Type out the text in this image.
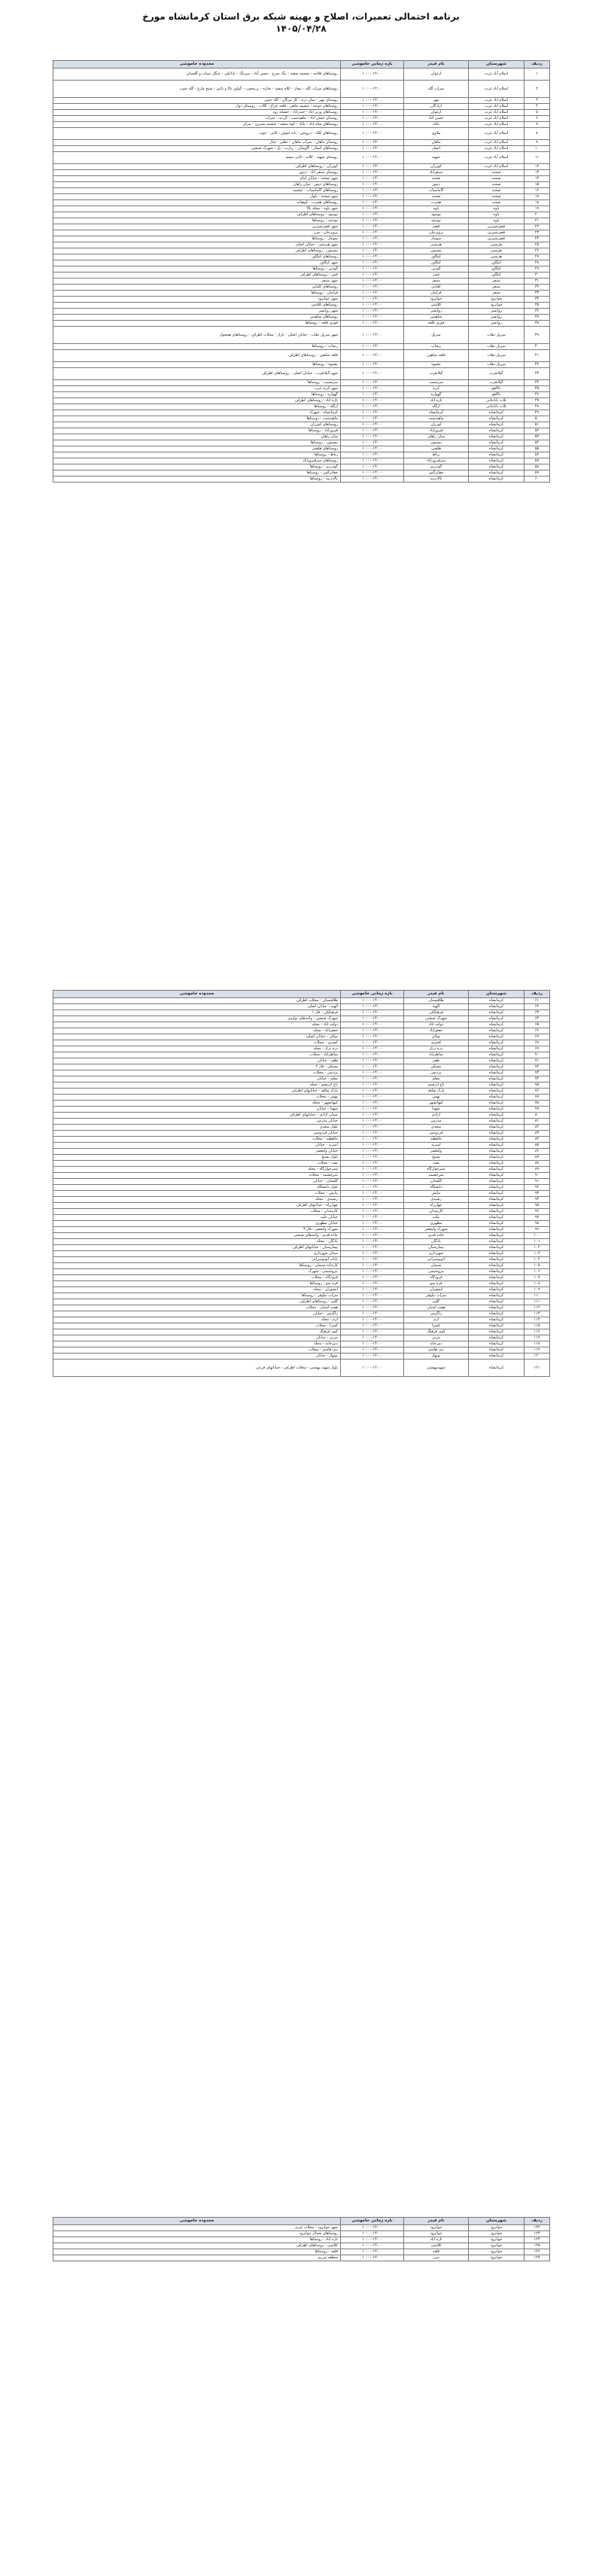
برنامه احتمالی تعمیرات، اصلاح و بهینه شبکه برق استان کرمانشاه مورخ
۱۴۰۵/۰۴/۲۸
ردیف	شهرستان	نام فیدر	بازه زمانی خاموشی	محدوده خاموشی
۱	اسلام آباد غرب	ارغوان	۱۰:۰۰-۱۴:۰۰	روستاهای قلاجه - چشمه سفید - تنگ سرخ - حسن آباد - سرتنگ - باباعلی - جنگل سیاب و گلستان
۲	اسلام آباد غرب	سراب گله	۱۰:۰۰-۱۴:۰۰	روستاهای سراب گله - بیجار - کلاه سفید - چناره - زرینجوب - گواور بالا و پائین - شیخ مارغ - گله جوب
۳	اسلام آباد غرب	مهر	۱۰:۰۰-۱۴:۰۰	روستای مهر - میان دره - کل مرگان - گله جیبی
۴	اسلام آباد غرب	آزادگان	۱۰:۰۰-۱۴:۰۰	روستاهای جوجه - چشمه ماهی - قلعه چراغ - گلاب - روستای دوار
۵	اسلام آباد غرب	ارغوان	۱۰:۰۰-۱۴:۰۰	روستاهای وزیر آباد - حیدرآباد - خشکه رود
۶	اسلام آباد غرب	حسن آباد	۱۰:۰۰-۱۴:۰۰	روستای حسن آباد - ماهیدشت - گردنه - سراب
۷	اسلام آباد غرب	بانک	۱۰:۰۰-۱۴:۰۰	روستاهای شاه آباد - بانک - کوه سفید - چشمه شیرین - مرکز
۸	اسلام آباد غرب	ملاوی	۱۰:۰۰-۱۴:۰۰	روستاهای کلک - درویش - بانه خوش - کانی - جوب
۹	اسلام آباد غرب	ماهان	۱۰:۰۰-۱۴:۰۰	روستای ماهان - سراب ماهان - دهلیز - چنار
۱۰	اسلام آباد غرب	آبشار	۱۰:۰۰-۱۴:۰۰	روستاهای آبشار - گاوشان - زیارت - پل - شهرک صنعتی
۱۱	اسلام آباد غرب	شهید	۱۰:۰۰-۱۴:۰۰	روستای شهید - کلاته - کانی سفید
۱۲	اسلام آباد غرب	کوزران	۱۰:۰۰-۱۴:۰۰	کوزران - روستاهای اطراف
۱۳	صحنه	سنقراباد	۱۰:۰۰-۱۴:۰۰	روستای سنقر آباد - دینور
۱۴	صحنه	صحنه	۱۰:۰۰-۱۴:۰۰	شهر صحنه - خیابان امام
۱۵	صحنه	دینور	۱۰:۰۰-۱۴:۰۰	روستاهای دینور - میان راهان
۱۶	صحنه	گاماسیاب	۱۰:۰۰-۱۴:۰۰	روستاهای گاماسیاب - چشمه
۱۷	صحنه	صحنه	۱۰:۰۰-۱۴:۰۰	شهر صحنه - بلوار
۱۸	صحنه	هجرت	۱۰:۰۰-۱۴:۰۰	روستاهای هجرت - کوهپایه
۱۹	پاوه	پاوه	۱۰:۰۰-۱۴:۰۰	شهر پاوه - محله بالا
۲۰	پاوه	نوسود	۱۰:۰۰-۱۴:۰۰	نوسود - روستاهای اطراف
۲۱	پاوه	نودشه	۱۰:۰۰-۱۴:۰۰	نودشه - روستاها
۲۲	قصرشیرین	قصر	۱۰:۰۰-۱۴:۰۰	شهر قصرشیرین
۲۳	قصرشیرین	پرویزخان	۱۰:۰۰-۱۴:۰۰	پرویزخان - مرز
۲۴	قصرشیرین	سومار	۱۰:۰۰-۱۴:۰۰	سومار - روستاها
۲۵	هرسین	هرسین	۱۰:۰۰-۱۴:۰۰	شهر هرسین - خیابان اصلی
۲۶	هرسین	بیستون	۱۰:۰۰-۱۴:۰۰	بیستون - روستاهای اطراف
۲۷	هرسین	کنگاور	۱۰:۰۰-۱۴:۰۰	روستاهای کنگاور
۲۸	کنگاور	کنگاور	۱۰:۰۰-۱۴:۰۰	شهر کنگاور
۲۹	کنگاور	گودین	۱۰:۰۰-۱۴:۰۰	گودین - روستاها
۳۰	کنگاور	فش	۱۰:۰۰-۱۴:۰۰	فش - روستاهای اطراف
۳۱	سنقر	سنقر	۱۰:۰۰-۱۴:۰۰	شهر سنقر
۳۲	سنقر	کلیایی	۱۰:۰۰-۱۴:۰۰	روستاهای کلیایی
۳۳	سنقر	فرامان	۱۰:۰۰-۱۴:۰۰	فرامان - روستاها
۳۴	جوانرود	جوانرود	۱۰:۰۰-۱۴:۰۰	شهر جوانرود
۳۵	جوانرود	کلاشی	۱۰:۰۰-۱۴:۰۰	روستاهای کلاشی
۳۶	روانسر	روانسر	۱۰:۰۰-۱۴:۰۰	شهر روانسر
۳۷	روانسر	شاهینی	۱۰:۰۰-۱۴:۰۰	روستاهای شاهینی
۳۸	روانسر	قوری قلعه	۱۰:۰۰-۱۴:۰۰	قوری قلعه - روستاها
۳۹	سرپل ذهاب	سرپل	۱۰:۰۰-۱۴:۰۰	شهر سرپل ذهاب - خیابان اصلی - بازار - محلات اطراف - روستاهای همجوار
۴۰	سرپل ذهاب	ریجاب	۱۰:۰۰-۱۴:۰۰	ریجاب - روستاها
۴۱	سرپل ذهاب	قلعه شاهین	۱۰:۰۰-۱۴:۰۰	قلعه شاهین - روستاهای اطراف
۴۲	سرپل ذهاب	بشیوه	۱۰:۰۰-۱۴:۰۰	بشیوه - روستاها
۴۳	گیلانغرب	گیلانغرب	۱۰:۰۰-۱۴:۰۰	شهر گیلانغرب - خیابان اصلی - روستاهای اطراف
۴۴	گیلانغرب	سرمست	۱۰:۰۰-۱۴:۰۰	سرمست - روستاها
۴۵	دالاهو	کرند	۱۰:۰۰-۱۴:۰۰	شهر کرند غرب
۴۶	دالاهو	گهواره	۱۰:۰۰-۱۴:۰۰	گهواره - روستاها
۴۷	ثلاث باباجانی	تازه آباد	۱۰:۰۰-۱۴:۰۰	تازه آباد - روستاهای اطراف
۴۸	ثلاث باباجانی	ازگله	۱۰:۰۰-۱۴:۰۰	ازگله - روستاها
۴۹	کرمانشاه	کرمانشاه	۱۰:۰۰-۱۴:۰۰	کرمانشاه - شهرک
۵۰	کرمانشاه	ماهیدشت	۱۰:۰۰-۱۴:۰۰	ماهیدشت - روستاها
۵۱	کرمانشاه	کوزران	۱۰:۰۰-۱۴:۰۰	روستاهای کوزران
۵۲	کرمانشاه	فیروزآباد	۱۰:۰۰-۱۴:۰۰	فیروزآباد - روستاها
۵۳	کرمانشاه	میان راهان	۱۰:۰۰-۱۴:۰۰	میان راهان
۵۴	کرمانشاه	بیستون	۱۰:۰۰-۱۴:۰۰	بیستون - روستاها
۵۵	کرمانشاه	هلشی	۱۰:۰۰-۱۴:۰۰	روستاهای هلشی
۵۶	کرمانشاه	رباط	۱۰:۰۰-۱۴:۰۰	رباط - روستاها
۵۷	کرمانشاه	سرفیروزآباد	۱۰:۰۰-۱۴:۰۰	روستاهای سرفیروزآباد
۵۸	کرمانشاه	گودرزی	۱۰:۰۰-۱۴:۰۰	گودرزی - روستاها
۵۹	کرمانشاه	چقانرگس	۱۰:۰۰-۱۴:۰۰	چقانرگس - روستاها
۶۰	کرمانشاه	بالادربند	۱۰:۰۰-۱۴:۰۰	بالادربند - روستاها
ردیف	شهرستان	نام فیدر	بازه زمانی خاموشی	محدوده خاموشی
۶۱	کرمانشاه	طاقبستان	۱۰:۰۰-۱۴:۰۰	طاقبستان - محلات اطراف
۶۲	کرمانشاه	الهیه	۱۰:۰۰-۱۴:۰۰	الهیه - خیابان اصلی
۶۳	کرمانشاه	فرهنگیان	۱۰:۰۰-۱۴:۰۰	فرهنگیان - فاز ۱
۶۴	کرمانشاه	شهرک صنعتی	۱۰:۰۰-۱۴:۰۰	شهرک صنعتی - واحدهای تولیدی
۶۵	کرمانشاه	دولت آباد	۱۰:۰۰-۱۴:۰۰	دولت آباد - محله
۶۶	کرمانشاه	جعفرآباد	۱۰:۰۰-۱۴:۰۰	جعفرآباد - محله
۶۷	کرمانشاه	نوکان	۱۰:۰۰-۱۴:۰۰	نوکان - خیابان اصلی
۶۸	کرمانشاه	کسری	۱۰:۰۰-۱۴:۰۰	کسری - محلات
۶۹	کرمانشاه	دره دراز	۱۰:۰۰-۱۴:۰۰	دره دراز - محله
۷۰	کرمانشاه	شاطرآباد	۱۰:۰۰-۱۴:۰۰	شاطرآباد - محلات
۷۱	کرمانشاه	ظفر	۱۰:۰۰-۱۴:۰۰	ظفر - خیابان
۷۲	کرمانشاه	مسکن	۱۰:۰۰-۱۴:۰۰	مسکن - فاز ۲
۷۳	کرمانشاه	پردیس	۱۰:۰۰-۱۴:۰۰	پردیس - محلات
۷۴	کرمانشاه	معلم	۱۰:۰۰-۱۴:۰۰	معلم - خیابان
۷۵	کرمانشاه	باغ ابریشم	۱۰:۰۰-۱۴:۰۰	باغ ابریشم - محله
۷۶	کرمانشاه	پارک شاهد	۱۰:۰۰-۱۴:۰۰	پارک شاهد - خیابانهای اطراف
۷۷	کرمانشاه	بهمن	۱۰:۰۰-۱۴:۰۰	بهمن - محلات
۷۸	کرمانشاه	کیهانشهر	۱۰:۰۰-۱۴:۰۰	کیهانشهر - محله
۷۹	کرمانشاه	شهدا	۱۰:۰۰-۱۴:۰۰	شهدا - خیابان
۸۰	کرمانشاه	آزادی	۱۰:۰۰-۱۴:۰۰	میدان آزادی - خیابانهای اطراف
۸۱	کرمانشاه	مدرس	۱۰:۰۰-۱۴:۰۰	خیابان مدرس
۸۲	کرمانشاه	سعدی	۱۰:۰۰-۱۴:۰۰	بلوار سعدی
۸۳	کرمانشاه	فردوسی	۱۰:۰۰-۱۴:۰۰	خیابان فردوسی
۸۴	کرمانشاه	حافظیه	۱۰:۰۰-۱۴:۰۰	حافظیه - محلات
۸۵	کرمانشاه	امیریه	۱۰:۰۰-۱۴:۰۰	امیریه - خیابان
۸۶	کرمانشاه	ولیعصر	۱۰:۰۰-۱۴:۰۰	خیابان ولیعصر
۸۷	کرمانشاه	بسیج	۱۰:۰۰-۱۴:۰۰	بلوار بسیج
۸۸	کرمانشاه	نفت	۱۰:۰۰-۱۴:۰۰	نفت - محلات
۸۹	کرمانشاه	شیرخوارگاه	۱۰:۰۰-۱۴:۰۰	شیرخوارگاه - محله
۹۰	کرمانشاه	سرچشمه	۱۰:۰۰-۱۴:۰۰	سرچشمه - محلات
۹۱	کرمانشاه	گلستان	۱۰:۰۰-۱۴:۰۰	گلستان - خیابان
۹۲	کرمانشاه	دانشگاه	۱۰:۰۰-۱۴:۰۰	بلوار دانشگاه
۹۳	کرمانشاه	نیایش	۱۰:۰۰-۱۴:۰۰	نیایش - محلات
۹۴	کرمانشاه	رشیدی	۱۰:۰۰-۱۴:۰۰	رشیدی - محله
۹۵	کرمانشاه	چهارراه	۱۰:۰۰-۱۴:۰۰	چهارراه - خیابانهای اطراف
۹۶	کرمانشاه	کارمندان	۱۰:۰۰-۱۴:۰۰	کارمندان - محلات
۹۷	کرمانشاه	ملت	۱۰:۰۰-۱۴:۰۰	خیابان ملت
۹۸	کرمانشاه	مطهری	۱۰:۰۰-۱۴:۰۰	خیابان مطهری
۹۹	کرمانشاه	شهرک ولیعصر	۱۰:۰۰-۱۴:۰۰	شهرک ولیعصر - فاز ۳
۱۰۰	کرمانشاه	جاده قدیم	۱۰:۰۰-۱۴:۰۰	جاده قدیم - واحدهای صنعتی
۱۰۱	کرمانشاه	پادگان	۱۰:۰۰-۱۴:۰۰	پادگان - محله
۱۰۲	کرمانشاه	بیمارستان	۱۰:۰۰-۱۴:۰۰	بیمارستان - خیابانهای اطراف
۱۰۳	کرمانشاه	شهرداری	۱۰:۰۰-۱۴:۰۰	میدان شهرداری
۱۰۴	کرمانشاه	اتوبوسرانی	۱۰:۰۰-۱۴:۰۰	پایانه اتوبوسرانی
۱۰۵	کرمانشاه	سیمان	۱۰:۰۰-۱۴:۰۰	کارخانه سیمان - روستاها
۱۰۶	کرمانشاه	پتروشیمی	۱۰:۰۰-۱۴:۰۰	پتروشیمی - شهرک
۱۰۷	کرمانشاه	فرودگاه	۱۰:۰۰-۱۴:۰۰	فرودگاه - محلات
۱۰۸	کرمانشاه	قره سو	۱۰:۰۰-۱۴:۰۰	قره سو - روستاها
۱۰۹	کرمانشاه	آبشوران	۱۰:۰۰-۱۴:۰۰	آبشوران - محله
۱۱۰	کرمانشاه	سراب نیلوفر	۱۰:۰۰-۱۴:۰۰	سراب نیلوفر - روستاها
۱۱۱	کرمانشاه	گلین	۱۰:۰۰-۱۴:۰۰	گلین - روستاهای اطراف
۱۱۲	کرمانشاه	هفت آشیان	۱۰:۰۰-۱۴:۰۰	هفت آشیان - محلات
۱۱۳	کرمانشاه	زاگرس	۱۰:۰۰-۱۴:۰۰	زاگرس - خیابان
۱۱۴	کرمانشاه	ارم	۱۰:۰۰-۱۴:۰۰	ارم - محله
۱۱۵	کرمانشاه	کسرا	۱۰:۰۰-۱۴:۰۰	کسرا - محلات
۱۱۶	کرمانشاه	کوی فرهنگ	۱۰:۰۰-۱۴:۰۰	کوی فرهنگ
۱۱۷	کرمانشاه	یثربی	۱۰:۰۰-۱۴:۰۰	یثربی - خیابان
۱۱۸	کرمانشاه	دبیرخانه	۱۰:۰۰-۱۴:۰۰	دبیرخانه - محله
۱۱۹	کرمانشاه	بنی هاشم	۱۰:۰۰-۱۴:۰۰	بنی هاشم - محلات
۱۲۰	کرمانشاه	نوبهار	۱۰:۰۰-۱۴:۰۰	نوبهار - خیابان
۱۲۱	کرمانشاه	شهیدبهشتی	۱۰:۰۰-۱۴:۰۰	بلوار شهید بهشتی - محلات اطراف - خیابانهای فرعی
ردیف	شهرستان	نام فیدر	بازه زمانی خاموشی	محدوده خاموشی
۱۲۲	جوانرود	جوانرود	۱۰:۰۰-۱۴:۰۰	شهر جوانرود - محلات غربی
۱۲۳	جوانرود	جوانرود	۱۰:۰۰-۱۴:۰۰	روستاهای شمال جوانرود
۱۲۴	جوانرود	تازه آباد	۱۰:۰۰-۱۴:۰۰	تازه آباد - روستاها
۱۲۵	جوانرود	کلاشی	۱۰:۰۰-۱۴:۰۰	کلاشی - روستاهای اطراف
۱۲۶	جوانرود	قلعه	۱۰:۰۰-۱۴:۰۰	قلعه - روستاها
۱۲۷	جوانرود	مرز	۱۰:۰۰-۱۴:۰۰	منطقه مرزی
